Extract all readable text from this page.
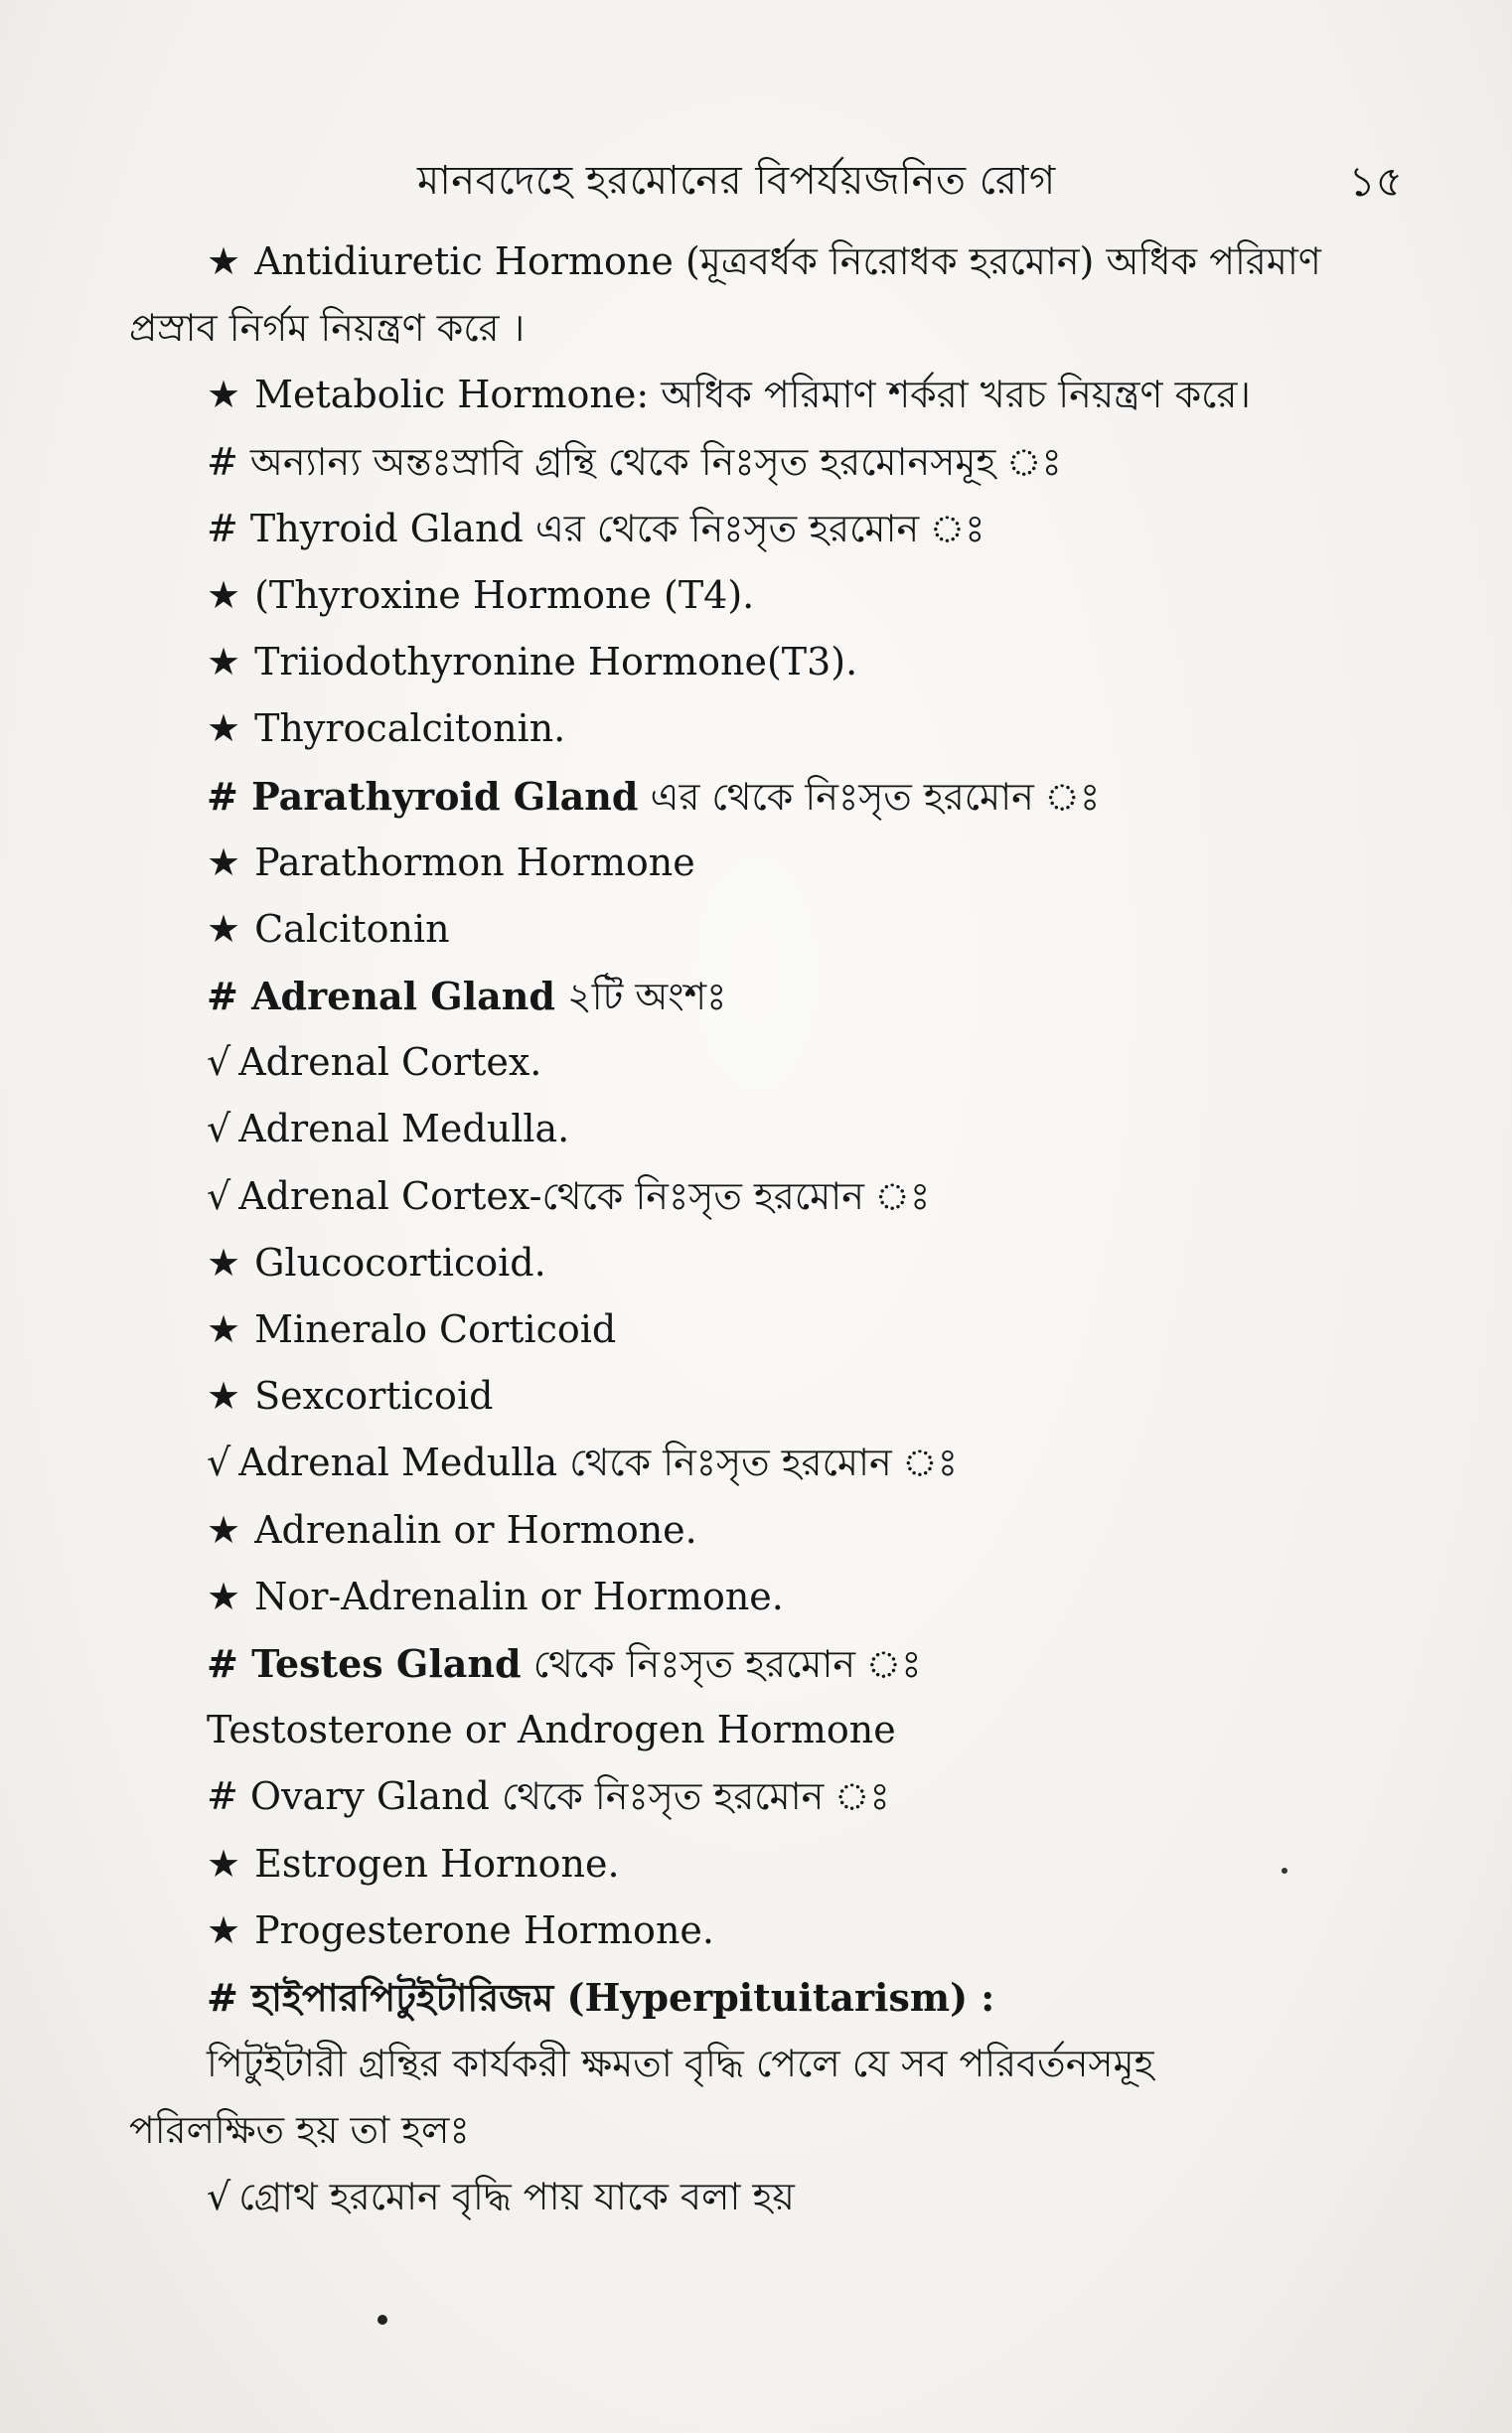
মানবদেহে হরমোনের বিপর্যয়জনিত রোগ	১৫
★ Antidiuretic Hormone (মূত্রবর্ধক নিরোধক হরমোন) অধিক পরিমাণ
প্রস্রাব নির্গম নিয়ন্ত্রণ করে ।
★ Metabolic Hormone: অধিক পরিমাণ শর্করা খরচ নিয়ন্ত্রণ করে।
# অন্যান্য অন্তঃস্রাবি গ্রন্থি থেকে নিঃসৃত হরমোনসমূহ ঃ
# Thyroid Gland এর থেকে নিঃসৃত হরমোন ঃ
★ (Thyroxine Hormone (T4).
★ Triiodothyronine Hormone(T3).
★ Thyrocalcitonin.
# Parathyroid Gland এর থেকে নিঃসৃত হরমোন ঃ
★ Parathormon Hormone
★ Calcitonin
# Adrenal Gland ২টি অংশঃ
√ Adrenal Cortex.
√ Adrenal Medulla.
√ Adrenal Cortex-থেকে নিঃসৃত হরমোন ঃ
★ Glucocorticoid.
★ Mineralo Corticoid
★ Sexcorticoid
√ Adrenal Medulla থেকে নিঃসৃত হরমোন ঃ
★ Adrenalin or Hormone.
★ Nor-Adrenalin or Hormone.
# Testes Gland থেকে নিঃসৃত হরমোন ঃ
Testosterone or Androgen Hormone
# Ovary Gland থেকে নিঃসৃত হরমোন ঃ
★ Estrogen Hornone.
★ Progesterone Hormone.
# হাইপারপিটুইটারিজম (Hyperpituitarism) :
পিটুইটারী গ্রন্থির কার্যকরী ক্ষমতা বৃদ্ধি পেলে যে সব পরিবর্তনসমূহ
পরিলক্ষিত হয় তা হলঃ
√ গ্রোথ হরমোন বৃদ্ধি পায় যাকে বলা হয়
